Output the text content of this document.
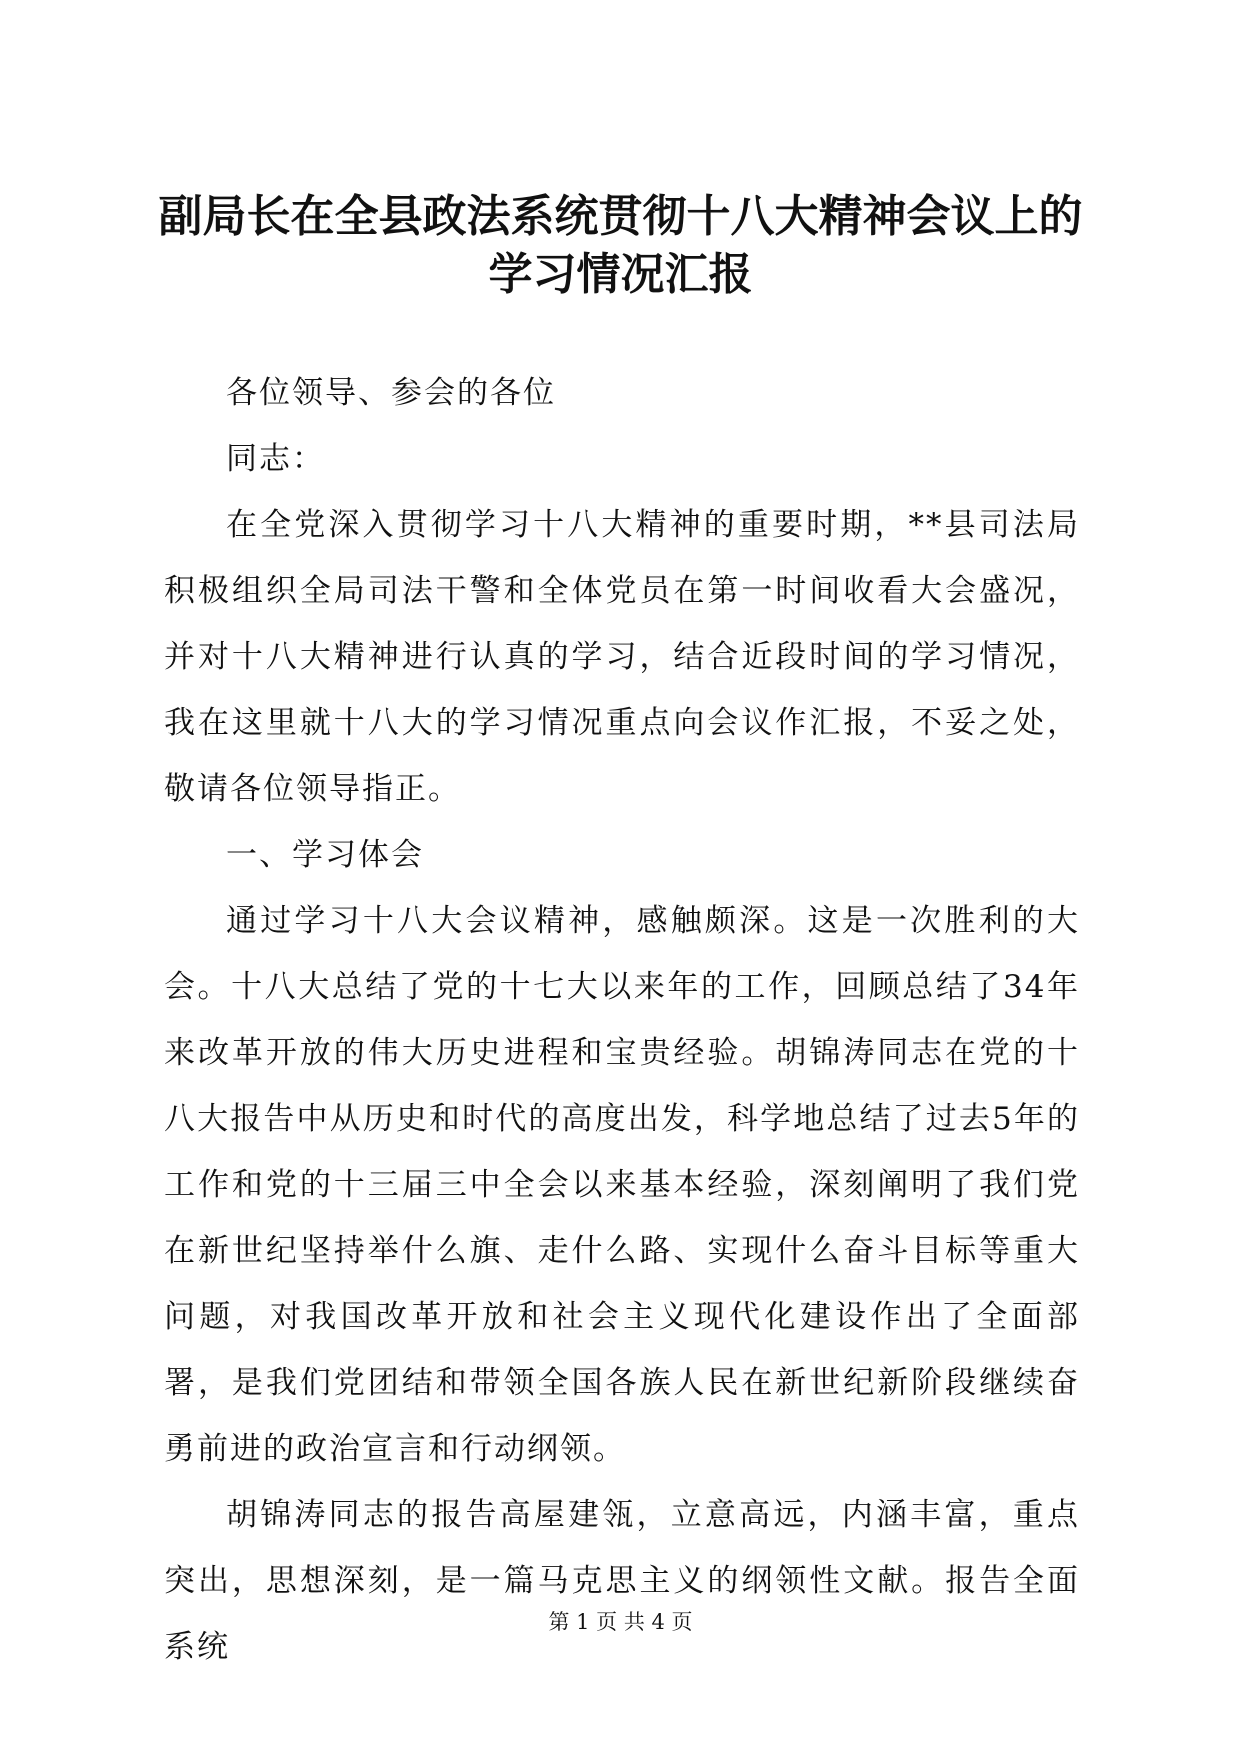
副局长在全县政法系统贯彻十八大精神会议上的学习情况汇报

各位领导、参会的各位

同志：

在全党深入贯彻学习十八大精神的重要时期，**县司法局积极组织全局司法干警和全体党员在第一时间收看大会盛况，并对十八大精神进行认真的学习，结合近段时间的学习情况，我在这里就十八大的学习情况重点向会议作汇报，不妥之处，敬请各位领导指正。

一、学习体会

通过学习十八大会议精神，感触颇深。这是一次胜利的大会。十八大总结了党的十七大以来年的工作，回顾总结了34年来改革开放的伟大历史进程和宝贵经验。胡锦涛同志在党的十八大报告中从历史和时代的高度出发，科学地总结了过去5年的工作和党的十三届三中全会以来基本经验，深刻阐明了我们党在新世纪坚持举什么旗、走什么路、实现什么奋斗目标等重大问题，对我国改革开放和社会主义现代化建设作出了全面部署，是我们党团结和带领全国各族人民在新世纪新阶段继续奋勇前进的政治宣言和行动纲领。

胡锦涛同志的报告高屋建瓴，立意高远，内涵丰富，重点突出，思想深刻，是一篇马克思主义的纲领性文献。报告全面系统

第 1 页 共 4 页
